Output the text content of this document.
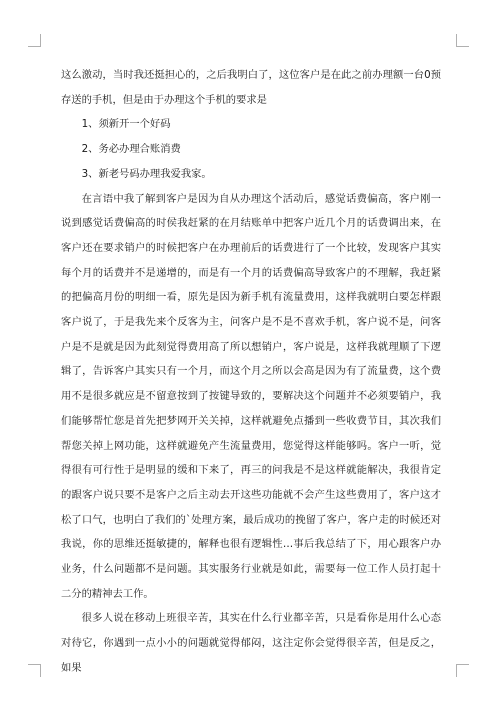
这么激动，当时我还挺担心的，之后我明白了，这位客户是在此之前办理额一台0预存送的手机，但是由于办理这个手机的要求是

1、须新开一个好码

2、务必办理合账消费

3、新老号码办理我爱我家。

在言语中我了解到客户是因为自从办理这个活动后，感觉话费偏高，客户刚一说到感觉话费偏高的时侯我赶紧的在月结账单中把客户近几个月的话费调出来，在客户还在要求销户的时候把客户在办理前后的话费进行了一个比较，发现客户其实每个月的话费并不是递增的，而是有一个月的话费偏高导致客户的不理解，我赶紧的把偏高月份的明细一看，原先是因为新手机有流量费用，这样我就明白要怎样跟客户说了，于是我先来个反客为主，问客户是不是不喜欢手机，客户说不是，问客户是不是就是因为此刻觉得费用高了所以想销户，客户说是，这样我就理顺了下逻辑了，告诉客户其实只有一个月，而这个月之所以会高是因为有了流量费，这个费用不是很多就应是不留意按到了按键导致的，要解决这个问题并不必须要销户，我们能够帮忙您是首先把梦网开关关掉，这样就避免点播到一些收费节目，其次我们帮您关掉上网功能，这样就避免产生流量费用，您觉得这样能够吗。客户一听，觉得很有可行性于是明显的缓和下来了，再三的问我是不是这样就能解决，我很肯定的跟客户说只要不是客户之后主动去开这些功能就不会产生这些费用了，客户这才松了口气，也明白了我们的`处理方案，最后成功的挽留了客户，客户走的时候还对我说，你的思维还挺敏捷的，解释也很有逻辑性…事后我总结了下，用心跟客户办业务，什么问题都不是问题。其实服务行业就是如此，需要每一位工作人员打起十二分的精神去工作。

很多人说在移动上班很辛苦，其实在什么行业都辛苦，只是看你是用什么心态对待它，你遇到一点小小的问题就觉得郁闷，这注定你会觉得很辛苦，但是反之，如果
